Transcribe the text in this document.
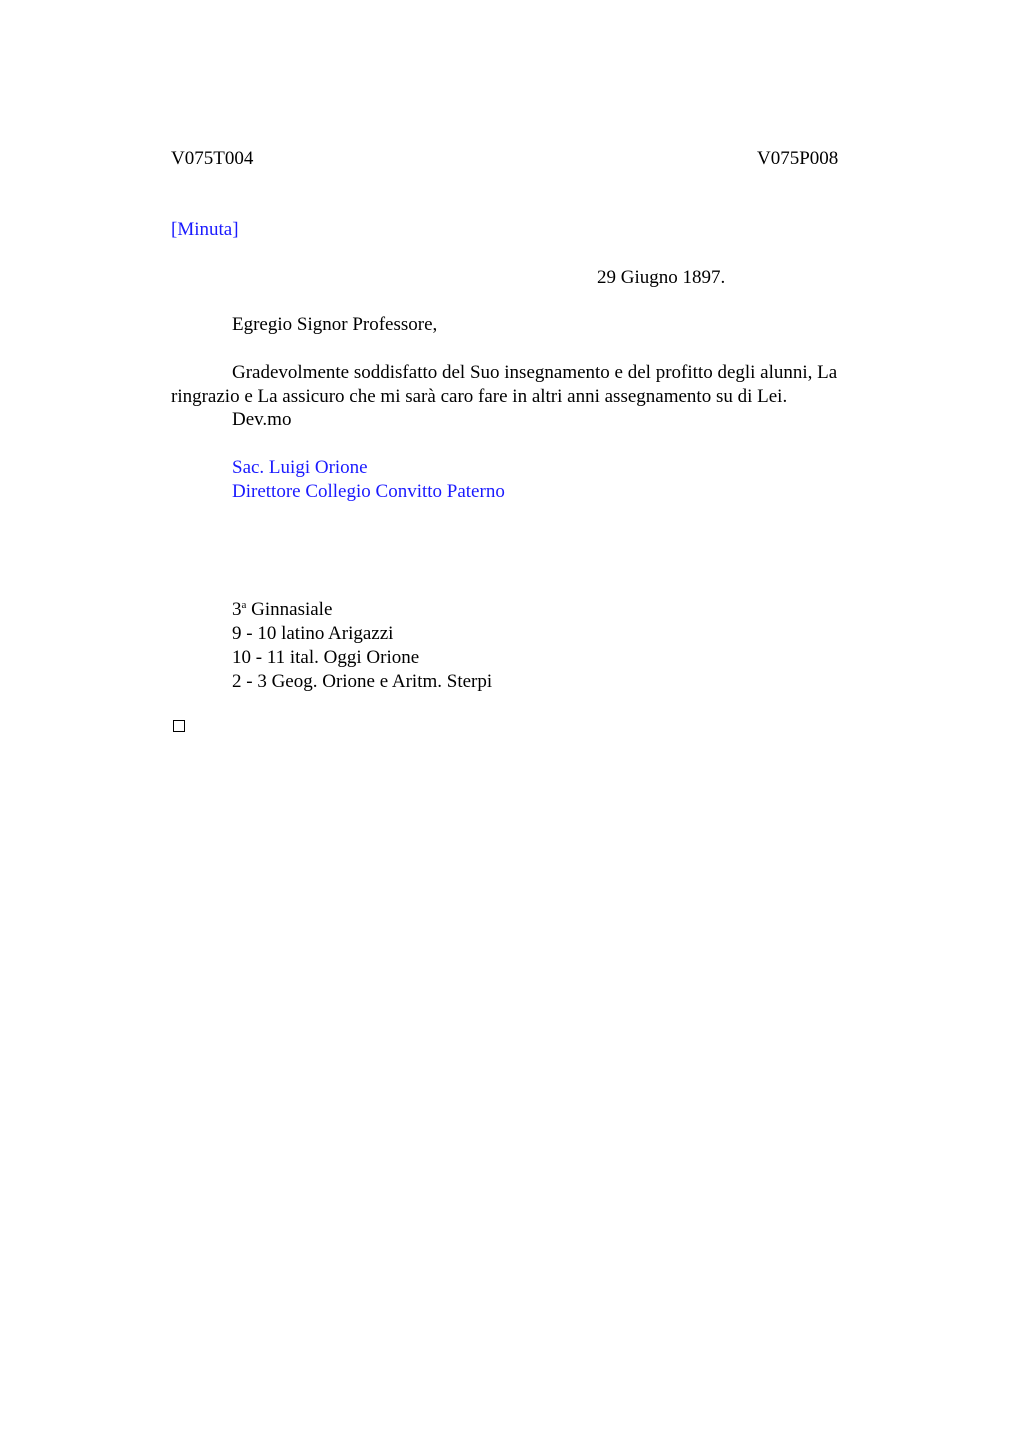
V075T004	V075P008
[Minuta]
29 Giugno 1897.
Egregio Signor Professore,
Gradevolmente soddisfatto del Suo insegnamento e del profitto degli alunni, La
ringrazio e La assicuro che mi sarà caro fare in altri anni assegnamento su di Lei.
Dev.mo
Sac. Luigi Orione
Direttore Collegio Convitto Paterno
3$^a$ Ginnasiale
9 - 10 latino Arigazzi
10 - 11 ital. Oggi Orione
2 - 3 Geog. Orione e Aritm. Sterpi
